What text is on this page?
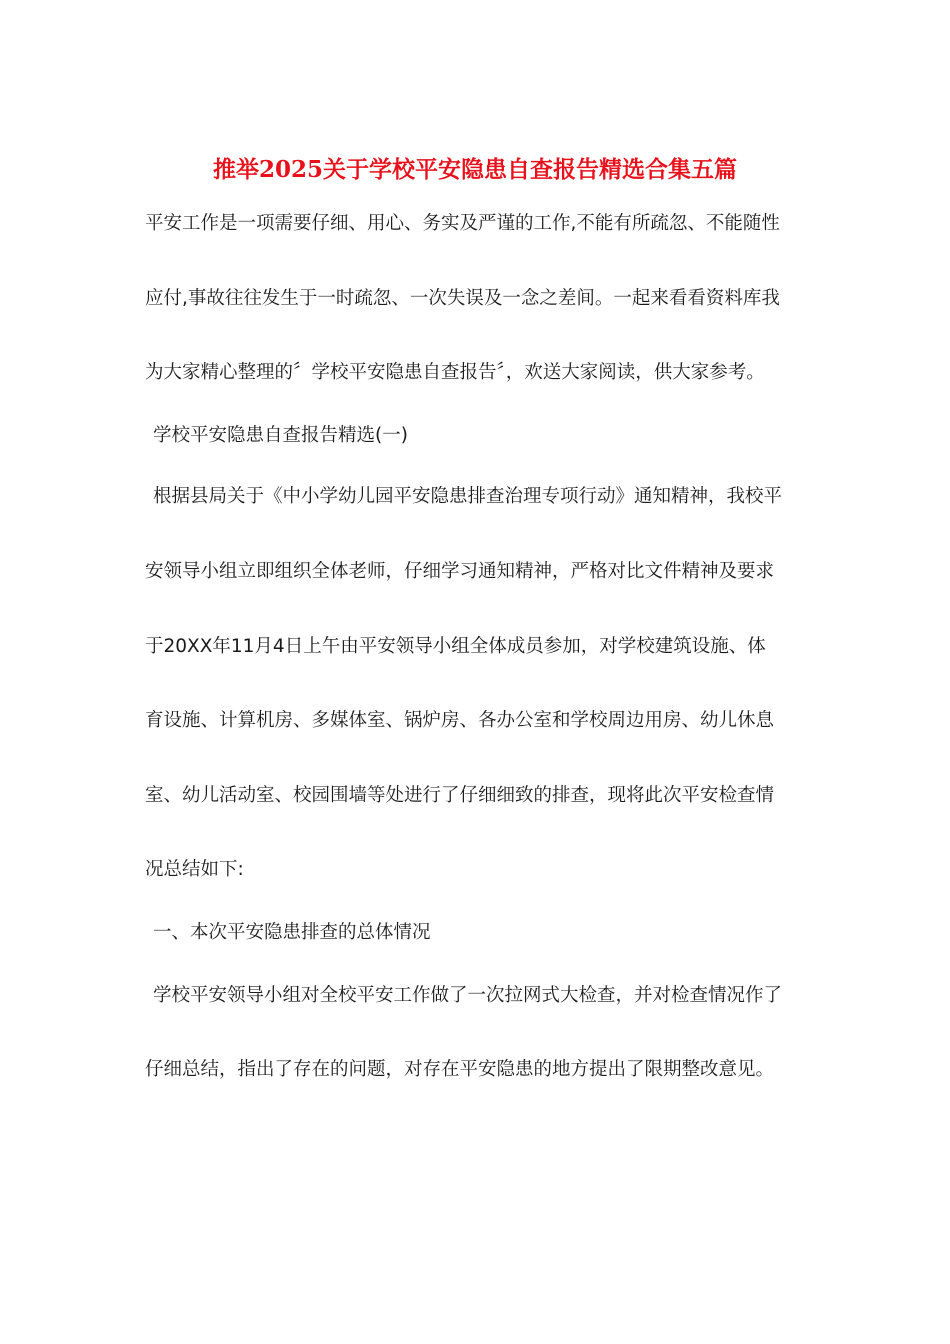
推举2025关于学校平安隐患自查报告精选合集五篇
平安工作是一项需要仔细、用心、务实及严谨的工作,不能有所疏忽、不能随性
应付,事故往往发生于一时疏忽、一次失误及一念之差间。一起来看看资料库我
为大家精心整理的〞学校平安隐患自查报告〞，欢送大家阅读，供大家参考。
学校平安隐患自查报告精选(一)
根据县局关于《中小学幼儿园平安隐患排查治理专项行动》通知精神，我校平
安领导小组立即组织全体老师，仔细学习通知精神，严格对比文件精神及要求
于20XX年11月4日上午由平安领导小组全体成员参加，对学校建筑设施、体
育设施、计算机房、多媒体室、锅炉房、各办公室和学校周边用房、幼儿休息
室、幼儿活动室、校园围墙等处进行了仔细细致的排查，现将此次平安检查情
况总结如下:
一、本次平安隐患排查的总体情况
学校平安领导小组对全校平安工作做了一次拉网式大检查，并对检查情况作了
仔细总结，指出了存在的问题，对存在平安隐患的地方提出了限期整改意见。
